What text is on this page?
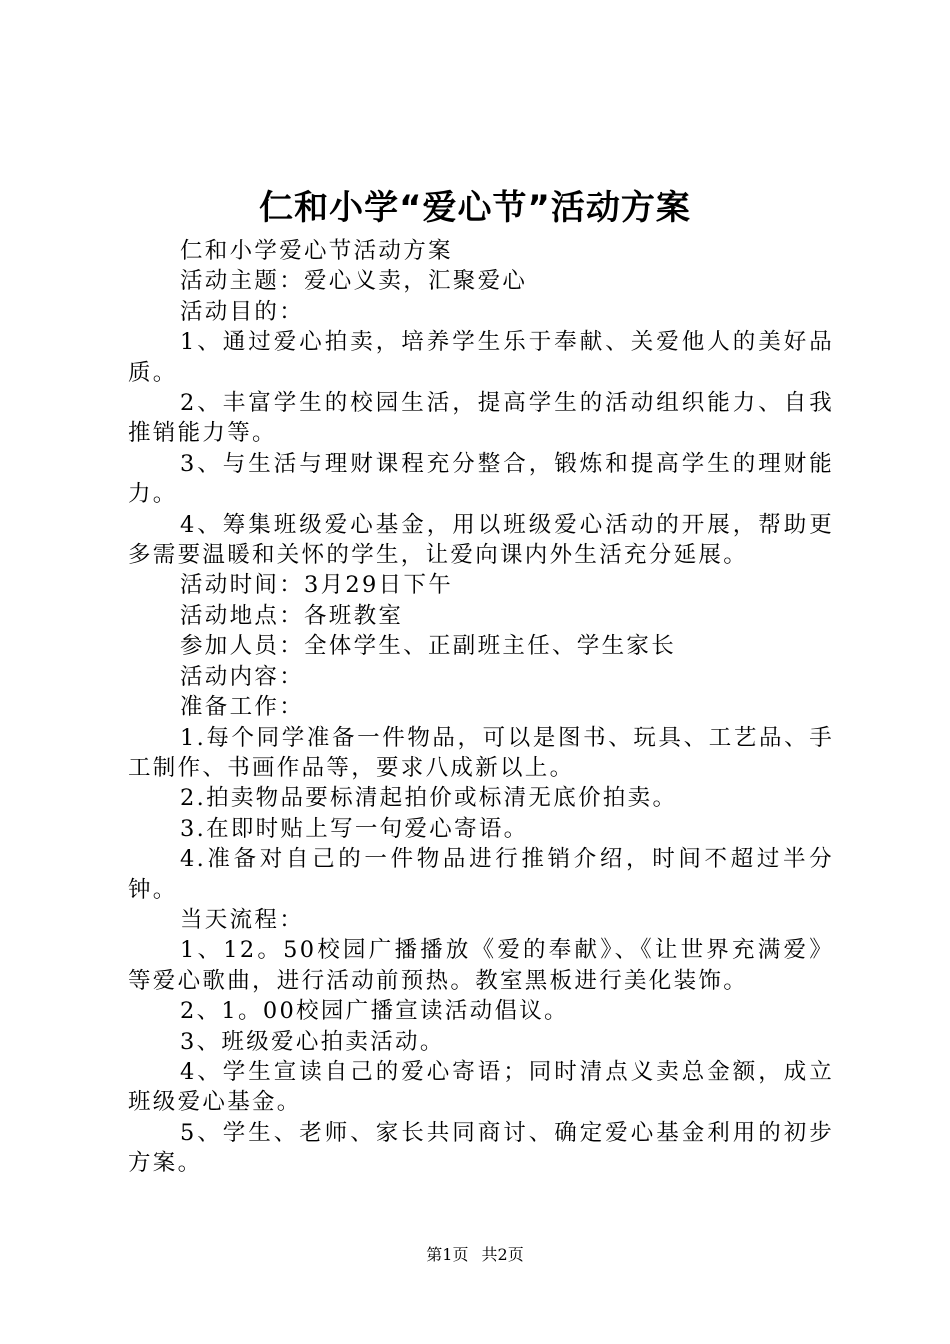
仁和小学“爱心节”活动方案

仁和小学爱心节活动方案

活动主题：爱心义卖，汇聚爱心

活动目的：

1、通过爱心拍卖，培养学生乐于奉献、关爱他人的美好品质。

2、丰富学生的校园生活，提高学生的活动组织能力、自我推销能力等。

3、与生活与理财课程充分整合，锻炼和提高学生的理财能力。

4、筹集班级爱心基金，用以班级爱心活动的开展，帮助更多需要温暖和关怀的学生，让爱向课内外生活充分延展。

活动时间：3月29日下午

活动地点：各班教室

参加人员：全体学生、正副班主任、学生家长

活动内容：

准备工作：

1.每个同学准备一件物品，可以是图书、玩具、工艺品、手工制作、书画作品等，要求八成新以上。

2.拍卖物品要标清起拍价或标清无底价拍卖。

3.在即时贴上写一句爱心寄语。

4.准备对自己的一件物品进行推销介绍，时间不超过半分钟。

当天流程：

1、12。50校园广播播放《爱的奉献》、《让世界充满爱》等爱心歌曲，进行活动前预热。教室黑板进行美化装饰。

2、1。00校园广播宣读活动倡议。

3、班级爱心拍卖活动。

4、学生宣读自己的爱心寄语；同时清点义卖总金额，成立班级爱心基金。

5、学生、老师、家长共同商讨、确定爱心基金利用的初步方案。

第1页 共2页
